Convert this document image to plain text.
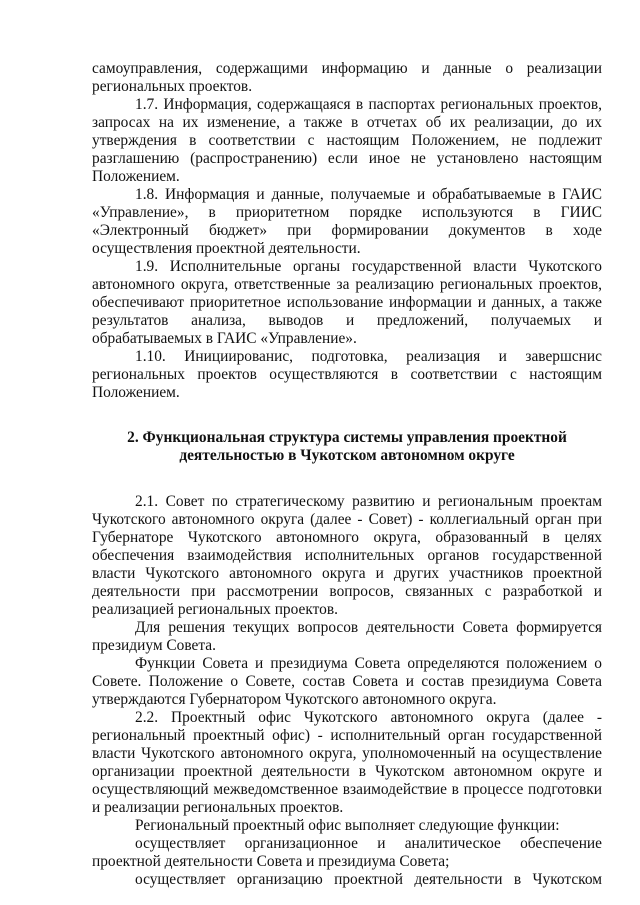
самоуправления, содержащими информацию и данные о реализации региональных проектов.

1.7. Информация, содержащаяся в паспортах региональных проектов, запросах на их изменение, а также в отчетах об их реализации, до их утверждения в соответствии с настоящим Положением, не подлежит разглашению (распространению) если иное не установлено настоящим Положением.

1.8. Информация и данные, получаемые и обрабатываемые в ГАИС «Управление», в приоритетном порядке используются в ГИИС «Электронный бюджет» при формировании документов в ходе осуществления проектной деятельности.

1.9. Исполнительные органы государственной власти Чукотского автономного округа, ответственные за реализацию региональных проектов, обеспечивают приоритетное использование информации и данных, а также результатов анализа, выводов и предложений, получаемых и обрабатываемых в ГАИС «Управление».

1.10. Инициированис, подготовка, реализация и завершснис региональных проектов осуществляются в соответствии с настоящим Положением.

2. Функциональная структура системы управления проектной
деятельностью в Чукотском автономном округе

2.1. Совет по стратегическому развитию и региональным проектам Чукотского автономного округа (далее - Совет) - коллегиальный орган при Губернаторе Чукотского автономного округа, образованный в целях обеспечения взаимодействия исполнительных органов государственной власти Чукотского автономного округа и других участников проектной деятельности при рассмотрении вопросов, связанных с разработкой и реализацией региональных проектов.

Для решения текущих вопросов деятельности Совета формируется президиум Совета.

Функции Совета и президиума Совета определяются положением о Совете. Положение о Совете, состав Совета и состав президиума Совета утверждаются Губернатором Чукотского автономного округа.

2.2. Проектный офис Чукотского автономного округа (далее - региональный проектный офис) - исполнительный орган государственной власти Чукотского автономного округа, уполномоченный на осуществление организации проектной деятельности в Чукотском автономном округе и осуществляющий межведомственное взаимодействие в процессе подготовки и реализации региональных проектов.

Региональный проектный офис выполняет следующие функции:

осуществляет организационное и аналитическое обеспечение проектной деятельности Совета и президиума Совета;

осуществляет организацию проектной деятельности в Чукотском
